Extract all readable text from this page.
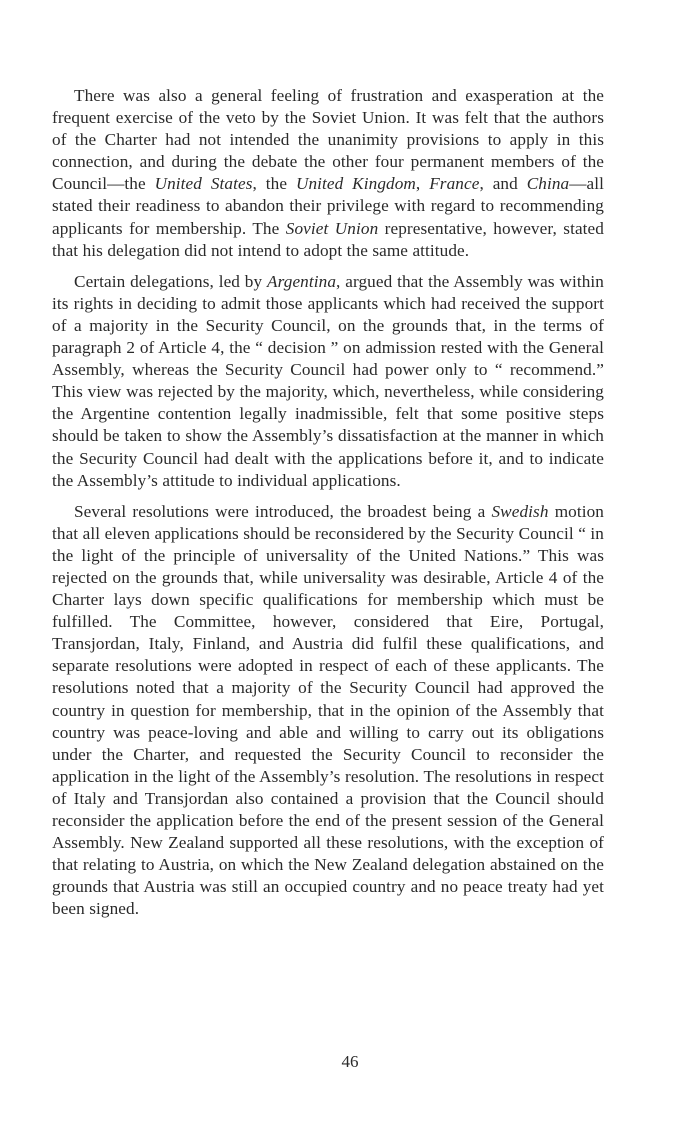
There was also a general feeling of frustration and exasperation at the frequent exercise of the veto by the Soviet Union. It was felt that the authors of the Charter had not intended the unanimity provisions to apply in this connection, and during the debate the other four permanent members of the Council—the United States, the United Kingdom, France, and China—all stated their readiness to abandon their privilege with regard to recommending applicants for membership. The Soviet Union representative, however, stated that his delegation did not intend to adopt the same attitude.

Certain delegations, led by Argentina, argued that the Assembly was within its rights in deciding to admit those applicants which had received the support of a majority in the Security Council, on the grounds that, in the terms of paragraph 2 of Article 4, the “ decision ” on admission rested with the General Assembly, whereas the Security Council had power only to “ recommend.” This view was rejected by the majority, which, nevertheless, while considering the Argentine contention legally inadmissible, felt that some positive steps should be taken to show the Assembly’s dissatisfaction at the manner in which the Security Council had dealt with the applications before it, and to indicate the Assembly’s attitude to individual applications.

Several resolutions were introduced, the broadest being a Swedish motion that all eleven applications should be reconsidered by the Security Council “ in the light of the principle of universality of the United Nations.” This was rejected on the grounds that, while universality was desirable, Article 4 of the Charter lays down specific qualifications for membership which must be fulfilled. The Committee, however, considered that Eire, Portugal, Transjordan, Italy, Finland, and Austria did fulfil these qualifications, and separate resolutions were adopted in respect of each of these applicants. The resolutions noted that a majority of the Security Council had approved the country in question for membership, that in the opinion of the Assembly that country was peace-loving and able and willing to carry out its obligations under the Charter, and requested the Security Council to reconsider the application in the light of the Assembly’s resolution. The resolutions in respect of Italy and Transjordan also contained a provision that the Council should reconsider the application before the end of the present session of the General Assembly. New Zealand supported all these resolutions, with the exception of that relating to Austria, on which the New Zealand delegation abstained on the grounds that Austria was still an occupied country and no peace treaty had yet been signed.

46
